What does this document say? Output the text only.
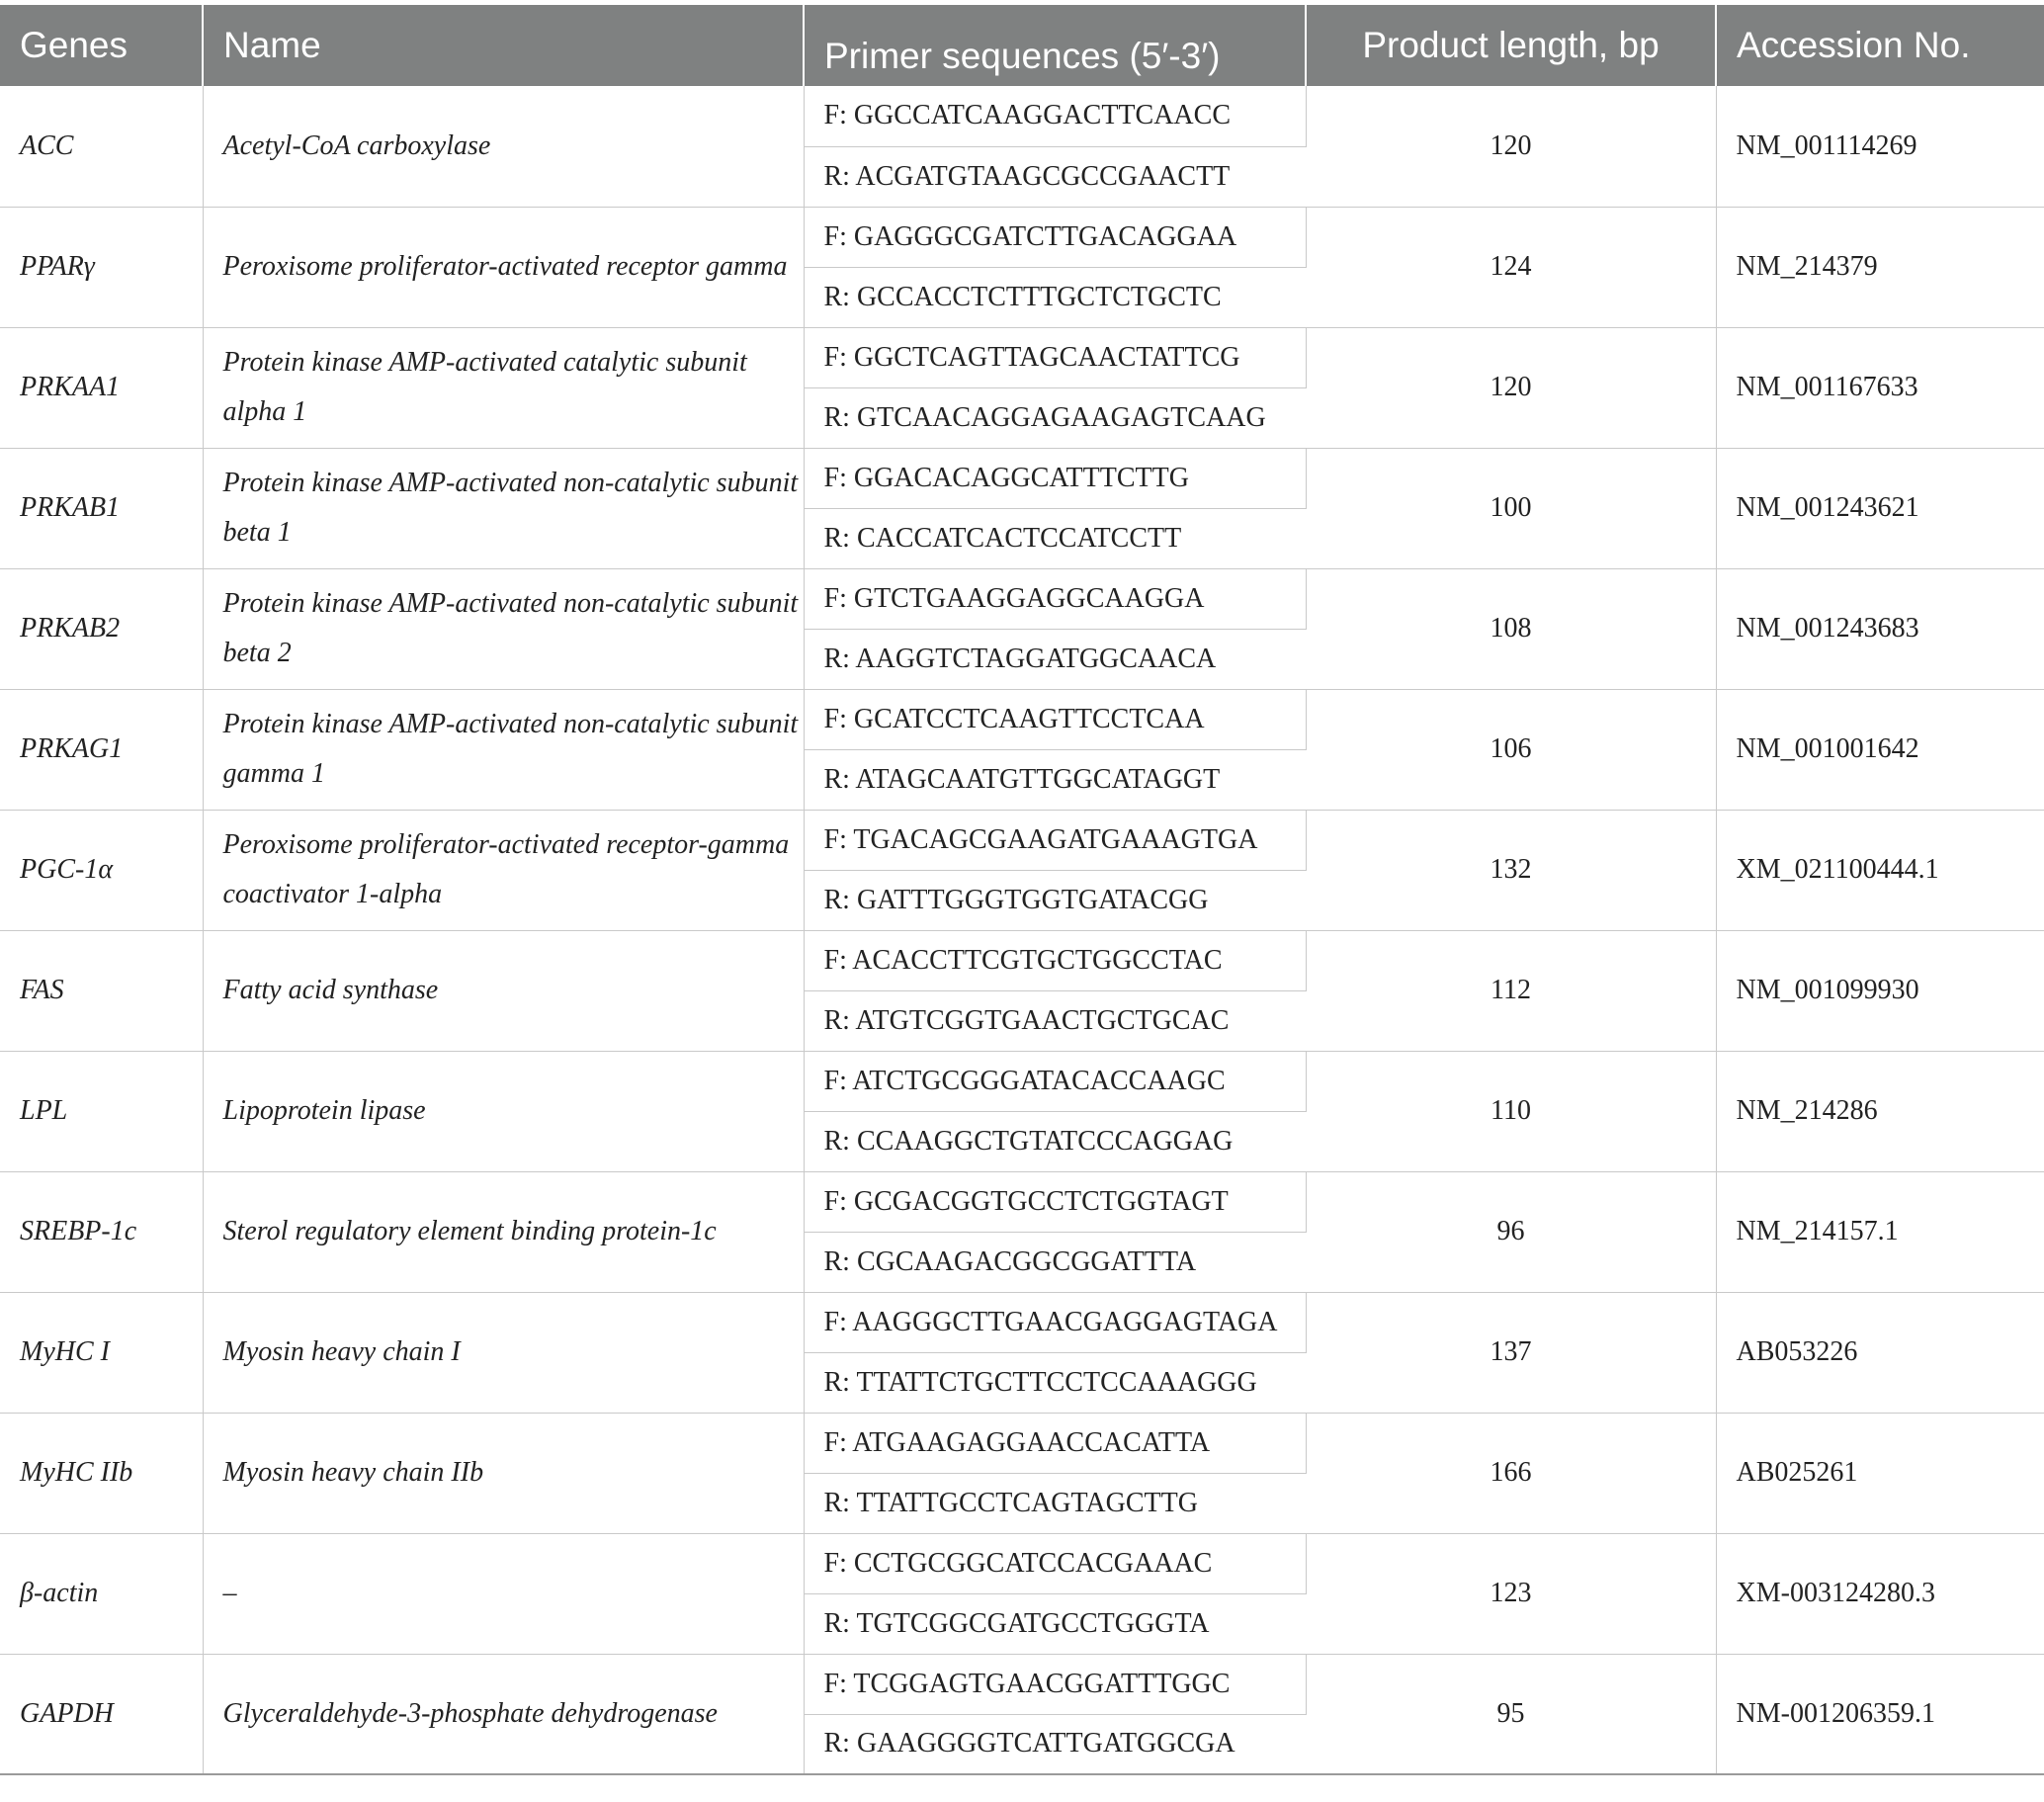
Genes	Name	Primer sequences (5′-3′)	Product length, bp	Accession No.
ACC	Acetyl-CoA carboxylase	F: GGCCATCAAGGACTTCAACC	120	NM_001114269
		R: ACGATGTAAGCGCCGAACTT		
PPARγ	Peroxisome proliferator-activated receptor gamma	F: GAGGGCGATCTTGACAGGAA	124	NM_214379
		R: GCCACCTCTTTGCTCTGCTC		
PRKAA1	Protein kinase AMP-activated catalytic subunit alpha 1	F: GGCTCAGTTAGCAACTATTCG	120	NM_001167633
		R: GTCAACAGGAGAAGAGTCAAG		
PRKAB1	Protein kinase AMP-activated non-catalytic subunit beta 1	F: GGACACAGGCATTTCTTG	100	NM_001243621
		R: CACCATCACTCCATCCTT		
PRKAB2	Protein kinase AMP-activated non-catalytic subunit beta 2	F: GTCTGAAGGAGGCAAGGA	108	NM_001243683
		R: AAGGTCTAGGATGGCAACA		
PRKAG1	Protein kinase AMP-activated non-catalytic subunit gamma 1	F: GCATCCTCAAGTTCCTCAA	106	NM_001001642
		R: ATAGCAATGTTGGCATAGGT		
PGC-1α	Peroxisome proliferator-activated receptor-gamma coactivator 1-alpha	F: TGACAGCGAAGATGAAAGTGA	132	XM_021100444.1
		R: GATTTGGGTGGTGATACGG		
FAS	Fatty acid synthase	F: ACACCTTCGTGCTGGCCTAC	112	NM_001099930
		R: ATGTCGGTGAACTGCTGCAC		
LPL	Lipoprotein lipase	F: ATCTGCGGGATACACCAAGC	110	NM_214286
		R: CCAAGGCTGTATCCCAGGAG		
SREBP-1c	Sterol regulatory element binding protein-1c	F: GCGACGGTGCCTCTGGTAGT	96	NM_214157.1
		R: CGCAAGACGGCGGATTTA		
MyHC I	Myosin heavy chain I	F: AAGGGCTTGAACGAGGAGTAGA	137	AB053226
		R: TTATTCTGCTTCCTCCAAAGGG		
MyHC IIb	Myosin heavy chain IIb	F: ATGAAGAGGAACCACATTA	166	AB025261
		R: TTATTGCCTCAGTAGCTTG		
β-actin	–	F: CCTGCGGCATCCACGAAAC	123	XM-003124280.3
		R: TGTCGGCGATGCCTGGGTA		
GAPDH	Glyceraldehyde-3-phosphate dehydrogenase	F: TCGGAGTGAACGGATTTGGC	95	NM-001206359.1
		R: GAAGGGGTCATTGATGGCGA		
